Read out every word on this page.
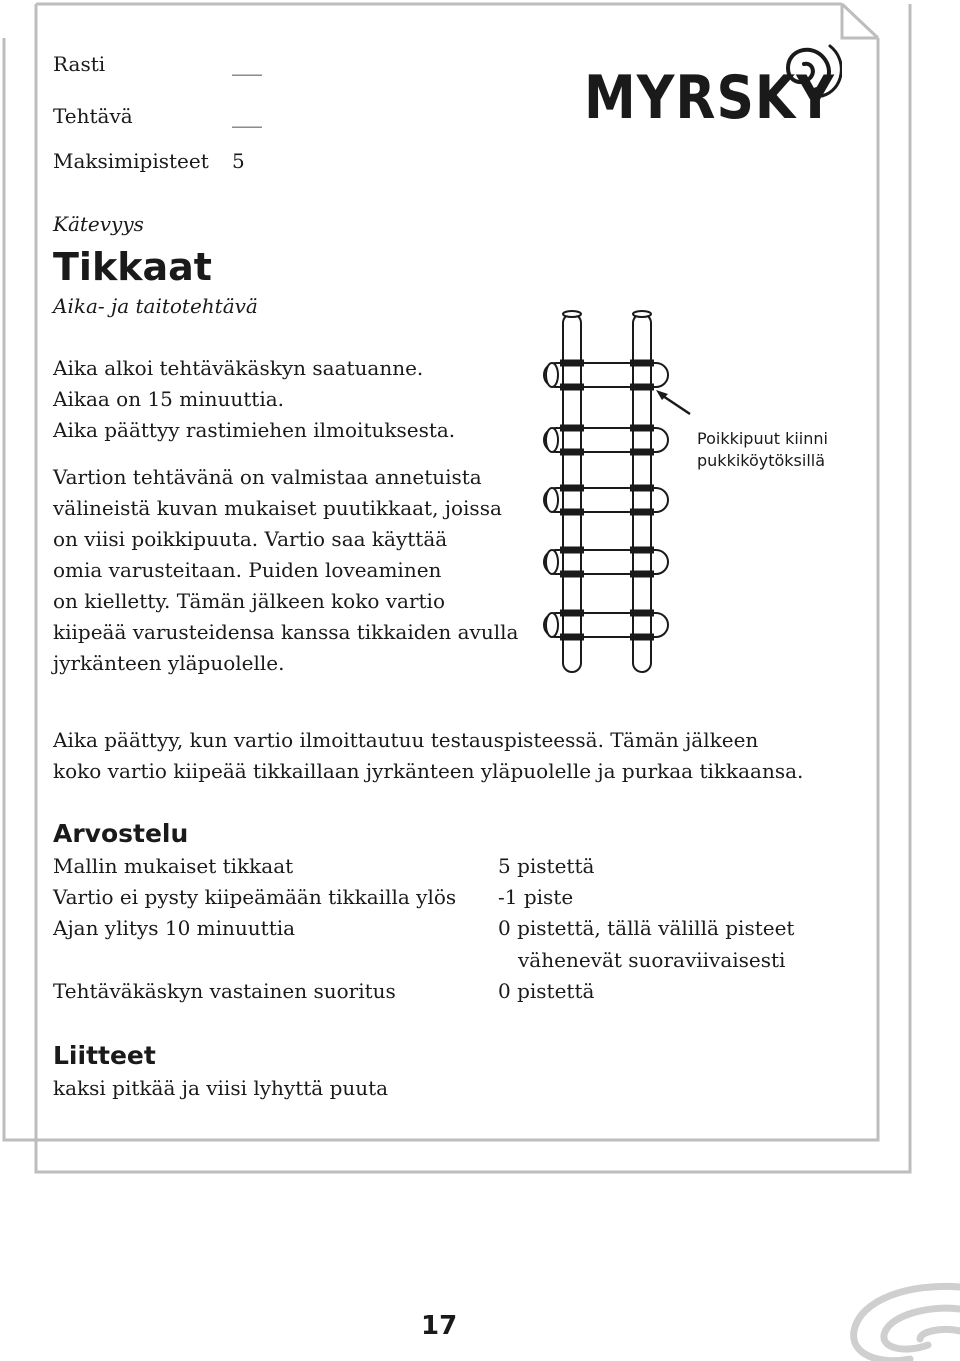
Rasti	___
Tehtävä	___
Maksimipisteet 5
MYRSKY
Kätevyys
Tikkaat
Aika- ja taitotehtävä
Aika alkoi tehtäväkäskyn saatuanne.
Aikaa on 15 minuuttia.
Aika päättyy rastimiehen ilmoituksesta.
Vartion tehtävänä on valmistaa annetuista
välineistä kuvan mukaiset puutikkaat, joissa
on viisi poikkipuuta. Vartio saa käyttää
omia varusteitaan. Puiden loveaminen
on kielletty. Tämän jälkeen koko vartio
kiipeää varusteidensa kanssa tikkaiden avulla
jyrkänteen yläpuolelle.
Poikkipuut kiinni
pukkiköytöksillä
Aika päättyy, kun vartio ilmoittautuu testauspisteessä. Tämän jälkeen
koko vartio kiipeää tikkaillaan jyrkänteen yläpuolelle ja purkaa tikkaansa.
Arvostelu
Mallin mukaiset tikkaat	5 pistettä
Vartio ei pysty kiipeämään tikkailla ylös -1 piste
Ajan ylitys 10 minuuttia	0 pistettä, tällä välillä pisteet
vähenevät suoraviivaisesti
Tehtäväkäskyn vastainen suoritus	0 pistettä
Liitteet
kaksi pitkää ja viisi lyhyttä puuta
17
